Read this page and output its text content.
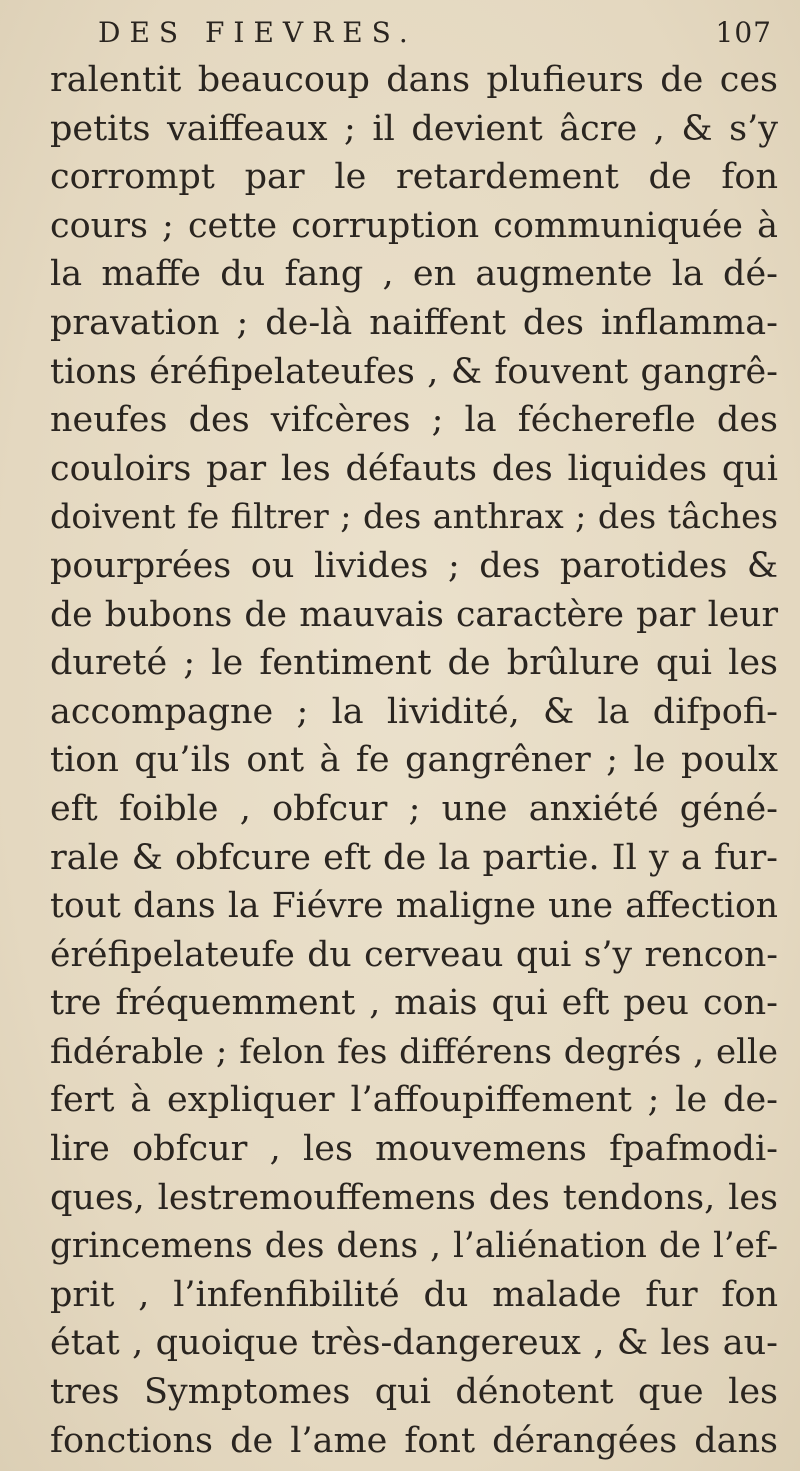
DES FIEVRES.	107
ralentit beaucoup dans plufieurs de ces
petits vaiffeaux ; il devient âcre , & s’y
corrompt par le retardement de fon
cours ; cette corruption communiquée à
la maffe du fang , en augmente la dé-
pravation ; de-là naiffent des inflamma-
tions éréfipelateufes , & fouvent gangrê-
neufes des vifcères ; la fécherefle des
couloirs par les défauts des liquides qui
doivent fe filtrer ; des anthrax ; des tâches
pourprées ou livides ; des parotides &
de bubons de mauvais caractère par leur
dureté ; le fentiment de brûlure qui les
accompagne ; la lividité, & la difpofi-
tion qu’ils ont à fe gangrêner ; le poulx
eft foible , obfcur ; une anxiété géné-
rale & obfcure eft de la partie. Il y a fur-
tout dans la Fiévre maligne une affection
éréfipelateufe du cerveau qui s’y rencon-
tre fréquemment , mais qui eft peu con-
fidérable ; felon fes différens degrés , elle
fert à expliquer l’affoupiffement ; le de-
lire obfcur , les mouvemens fpafmodi-
ques, lestremouffemens des tendons, les
grincemens des dens , l’aliénation de l’ef-
prit , l’infenfibilité du malade fur fon
état , quoique très-dangereux , & les au-
tres Symptomes qui dénotent que les
fonctions de l’ame font dérangées dans
